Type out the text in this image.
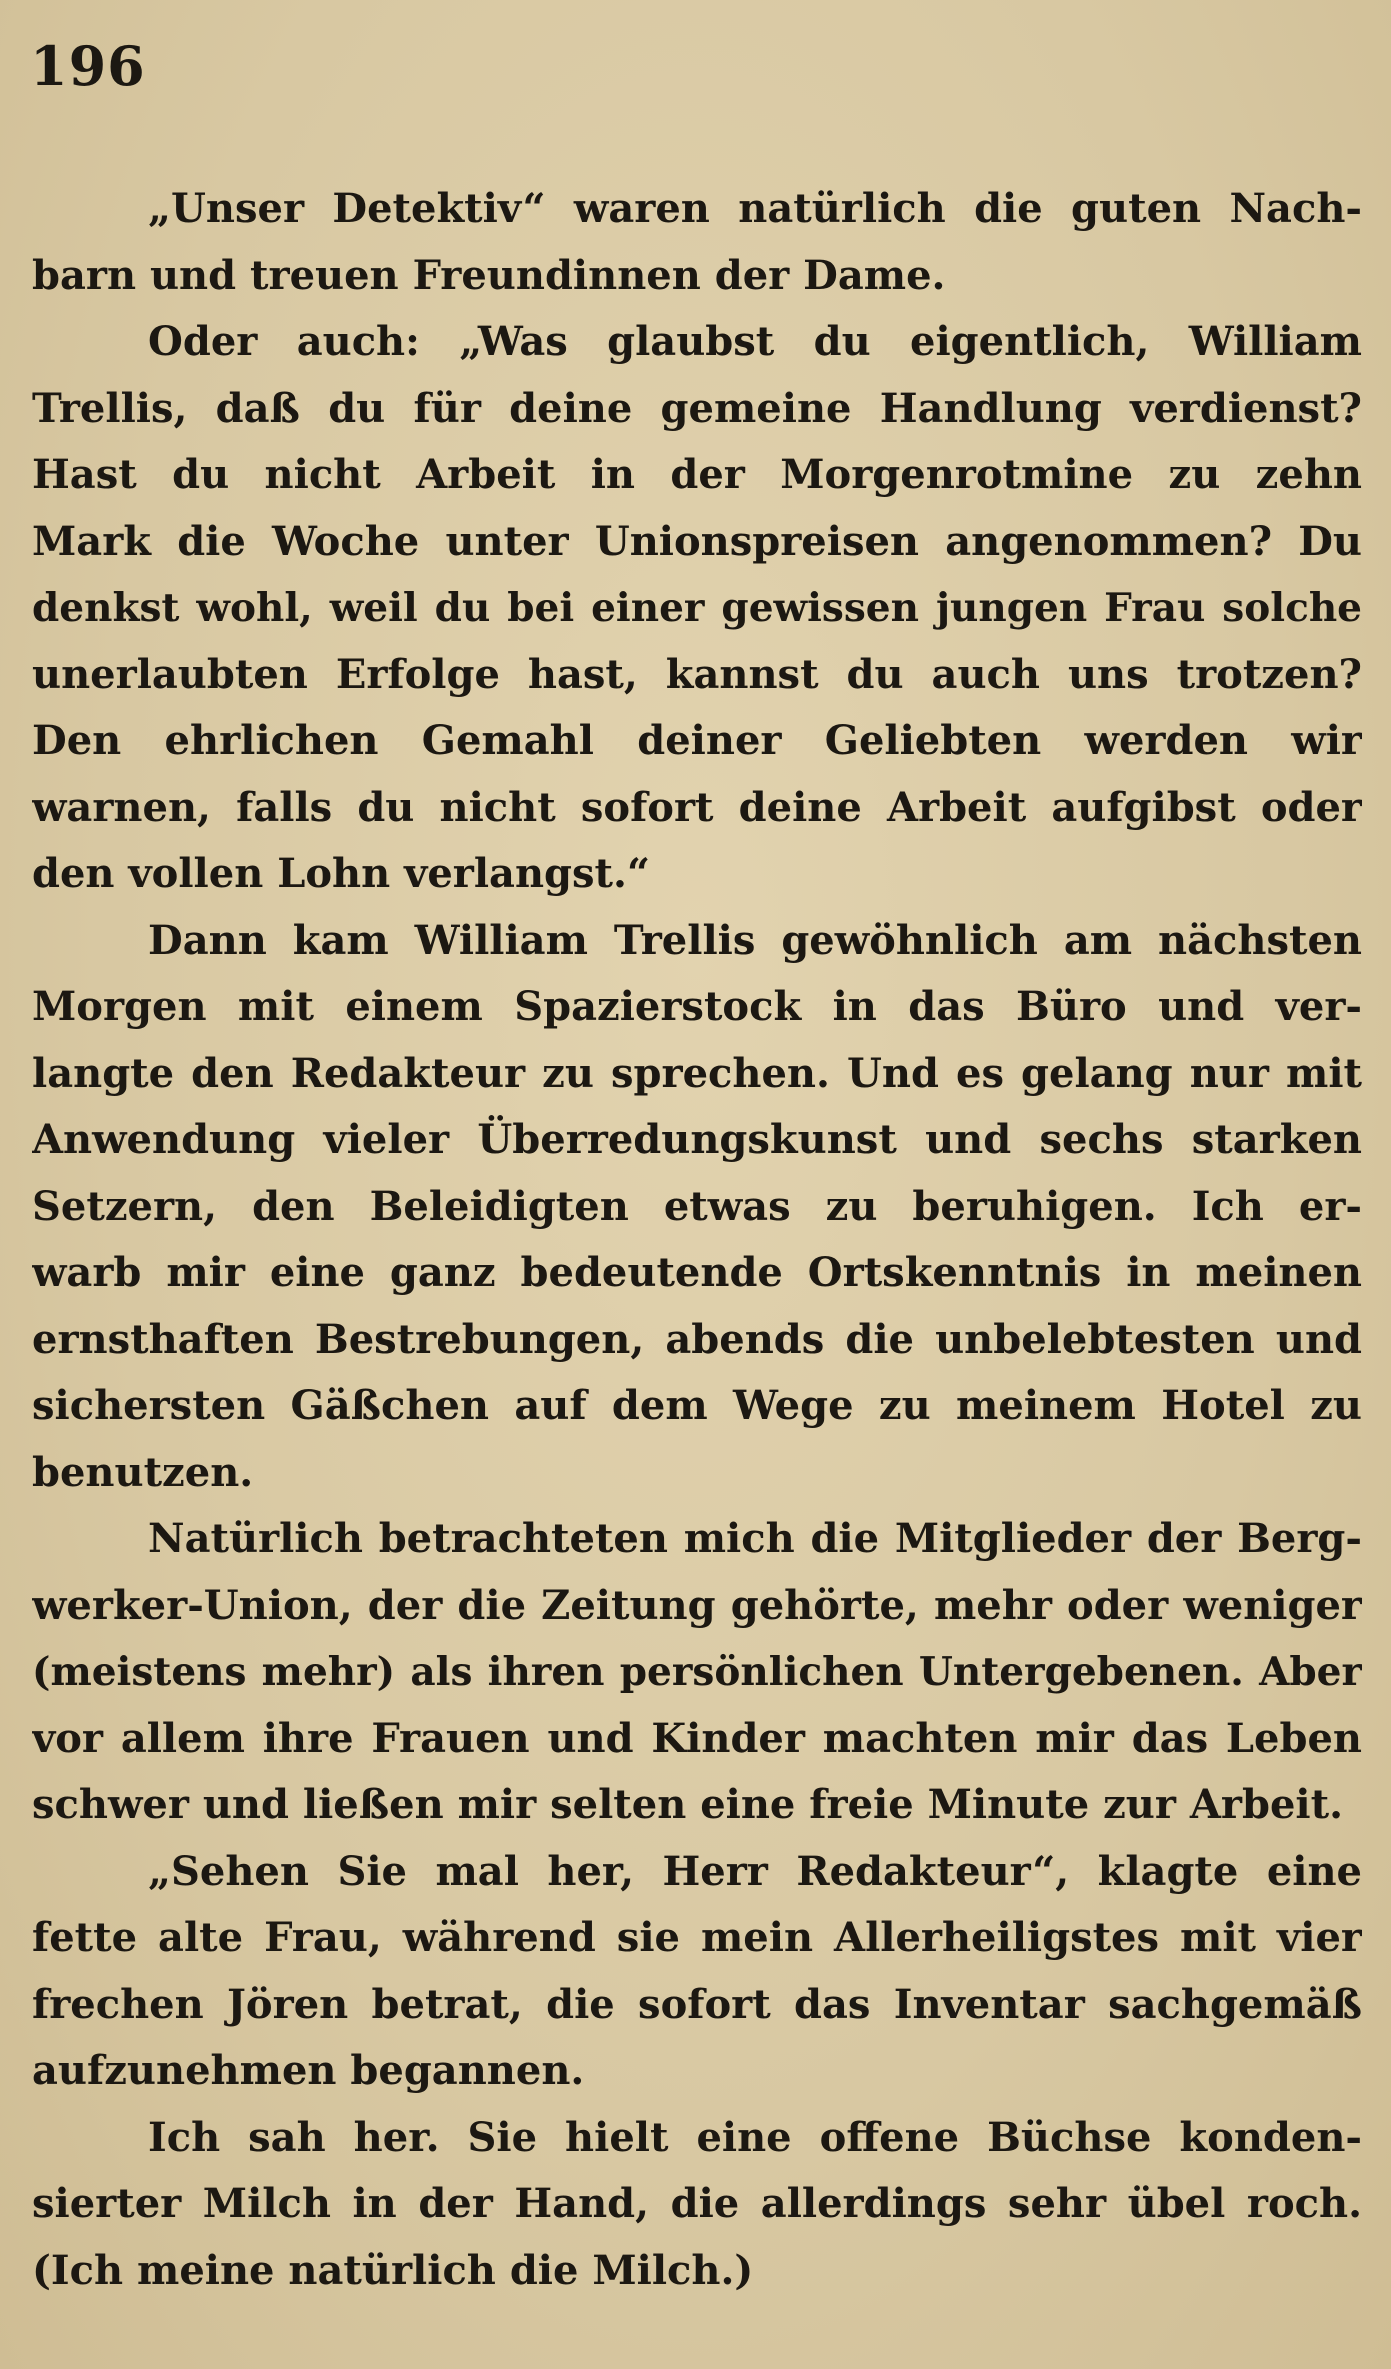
196
„Unser Detektiv“ waren natürlich die guten Nach-
barn und treuen Freundinnen der Dame.
Oder auch: „Was glaubst du eigentlich, William
Trellis, daß du für deine gemeine Handlung verdienst?
Hast du nicht Arbeit in der Morgenrotmine zu zehn
Mark die Woche unter Unionspreisen angenommen? Du
denkst wohl, weil du bei einer gewissen jungen Frau solche
unerlaubten Erfolge hast, kannst du auch uns trotzen?
Den ehrlichen Gemahl deiner Geliebten werden wir
warnen, falls du nicht sofort deine Arbeit aufgibst oder
den vollen Lohn verlangst.“
Dann kam William Trellis gewöhnlich am nächsten
Morgen mit einem Spazierstock in das Büro und ver-
langte den Redakteur zu sprechen. Und es gelang nur mit
Anwendung vieler Überredungskunst und sechs starken
Setzern, den Beleidigten etwas zu beruhigen. Ich er-
warb mir eine ganz bedeutende Ortskenntnis in meinen
ernsthaften Bestrebungen, abends die unbelebtesten und
sichersten Gäßchen auf dem Wege zu meinem Hotel zu
benutzen.
Natürlich betrachteten mich die Mitglieder der Berg-
werker-Union, der die Zeitung gehörte, mehr oder weniger
(meistens mehr) als ihren persönlichen Untergebenen. Aber
vor allem ihre Frauen und Kinder machten mir das Leben
schwer und ließen mir selten eine freie Minute zur Arbeit.
„Sehen Sie mal her, Herr Redakteur“, klagte eine
fette alte Frau, während sie mein Allerheiligstes mit vier
frechen Jören betrat, die sofort das Inventar sachgemäß
aufzunehmen begannen.
Ich sah her. Sie hielt eine offene Büchse konden-
sierter Milch in der Hand, die allerdings sehr übel roch.
(Ich meine natürlich die Milch.)
